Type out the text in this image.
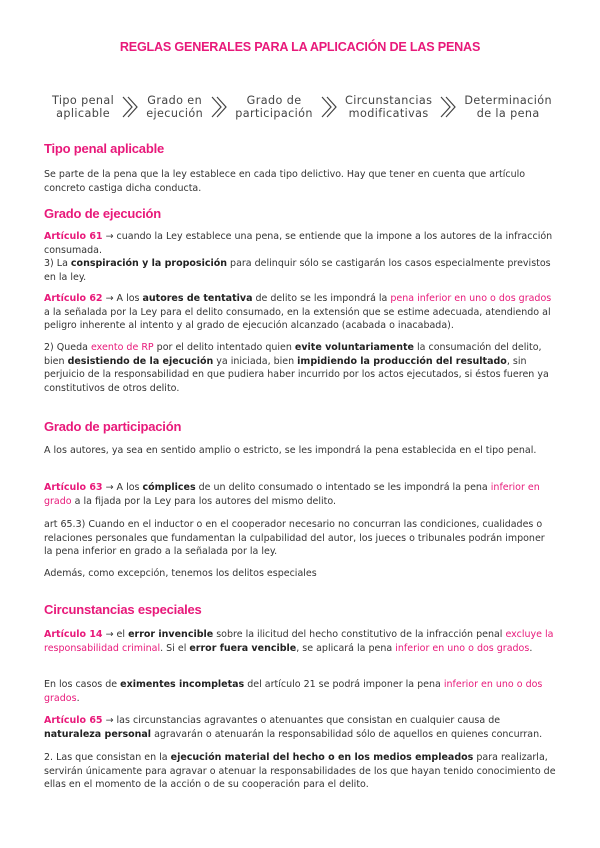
REGLAS GENERALES PARA LA APLICACIÓN DE LAS PENAS
Tipo penal
aplicable
Grado en
ejecución
Grado de
participación
Circunstancias
modificativas
Determinación
de la pena
Tipo penal aplicable

Se parte de la pena que la ley establece en cada tipo delictivo. Hay que tener en cuenta que artículo concreto castiga dicha conducta.

Grado de ejecución

Artículo 61 → cuando la Ley establece una pena, se entiende que la impone a los autores de la infracción consumada.
3) La conspiración y la proposición para delinquir sólo se castigarán los casos especialmente previstos en la ley.

Artículo 62 → A los autores de tentativa de delito se les impondrá la pena inferior en uno o dos grados a la señalada por la Ley para el delito consumado, en la extensión que se estime adecuada, atendiendo al peligro inherente al intento y al grado de ejecución alcanzado (acabada o inacabada).

2) Queda exento de RP por el delito intentado quien evite voluntariamente la consumación del delito, bien desistiendo de la ejecución ya iniciada, bien impidiendo la producción del resultado, sin perjuicio de la responsabilidad en que pudiera haber incurrido por los actos ejecutados, si éstos fueren ya constitutivos de otros delito.

Grado de participación

A los autores, ya sea en sentido amplio o estricto, se les impondrá la pena establecida en el tipo penal.

Artículo 63 → A los cómplices de un delito consumado o intentado se les impondrá la pena inferior en grado a la fijada por la Ley para los autores del mismo delito.

art 65.3) Cuando en el inductor o en el cooperador necesario no concurran las condiciones, cualidades o relaciones personales que fundamentan la culpabilidad del autor, los jueces o tribunales podrán imponer la pena inferior en grado a la señalada por la ley.

Además, como excepción, tenemos los delitos especiales

Circunstancias especiales

Artículo 14 → el error invencible sobre la ilicitud del hecho constitutivo de la infracción penal excluye la responsabilidad criminal. Si el error fuera vencible, se aplicará la pena inferior en uno o dos grados.

En los casos de eximentes incompletas del artículo 21 se podrá imponer la pena inferior en uno o dos grados.

Artículo 65 → las circunstancias agravantes o atenuantes que consistan en cualquier causa de naturaleza personal agravarán o atenuarán la responsabilidad sólo de aquellos en quienes concurran.

2. Las que consistan en la ejecución material del hecho o en los medios empleados para realizarla, servirán únicamente para agravar o atenuar la responsabilidades de los que hayan tenido conocimiento de ellas en el momento de la acción o de su cooperación para el delito.
